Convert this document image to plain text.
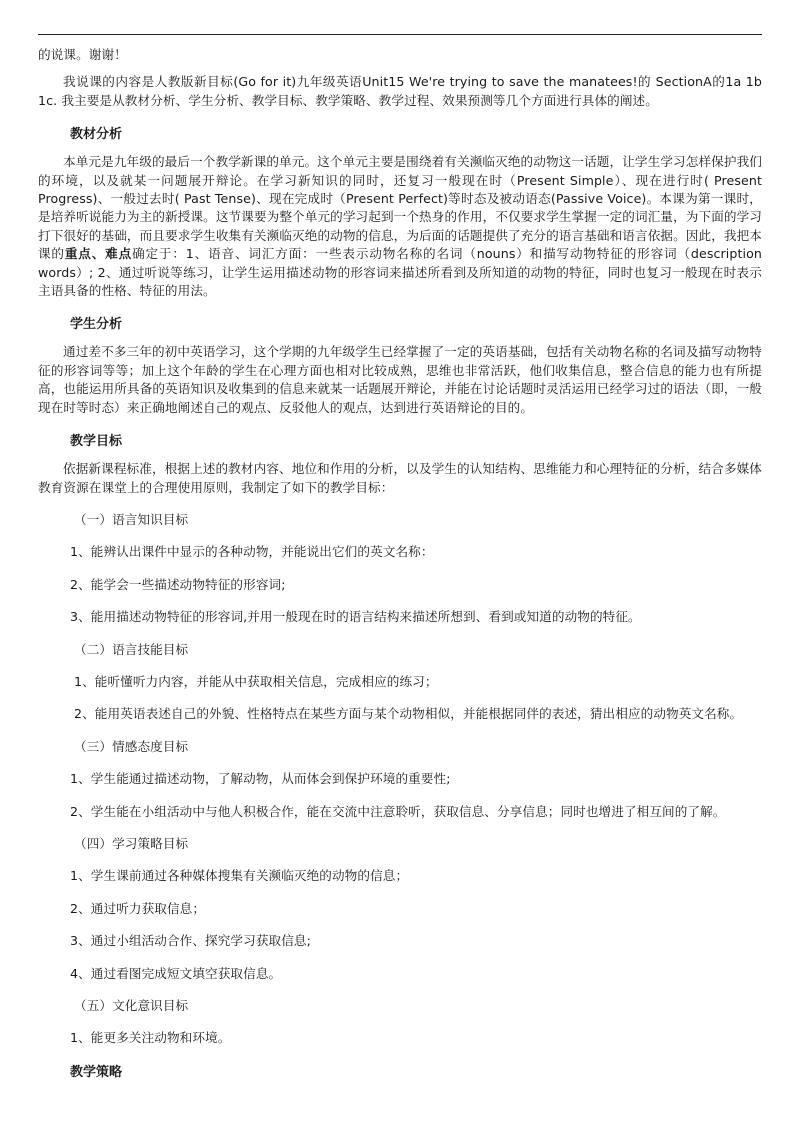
的说课。谢谢！

我说课的内容是人教版新目标(Go for it)九年级英语Unit15 We're trying to save the manatees!的 SectionA的1a 1b 1c. 我主要是从教材分析、学生分析、教学目标、教学策略、教学过程、效果预测等几个方面进行具体的阐述。

教材分析

本单元是九年级的最后一个教学新课的单元。这个单元主要是围绕着有关濒临灭绝的动物这一话题，让学生学习怎样保护我们的环境，以及就某一问题展开辩论。在学习新知识的同时，还复习一般现在时（Present Simple）、现在进行时( Present Progress)、一般过去时( Past Tense)、现在完成时（Present Perfect)等时态及被动语态(Passive Voice)。本课为第一课时，是培养听说能力为主的新授课。这节课要为整个单元的学习起到一个热身的作用，不仅要求学生掌握一定的词汇量，为下面的学习打下很好的基础，而且要求学生收集有关濒临灭绝的动物的信息，为后面的话题提供了充分的语言基础和语言依据。因此，我把本课的重点、难点确定于：1、语音、词汇方面：一些表示动物名称的名词（nouns）和描写动物特征的形容词（description words）; 2、通过听说等练习，让学生运用描述动物的形容词来描述所看到及所知道的动物的特征，同时也复习一般现在时表示主语具备的性格、特征的用法。

学生分析

通过差不多三年的初中英语学习，这个学期的九年级学生已经掌握了一定的英语基础，包括有关动物名称的名词及描写动物特征的形容词等等；加上这个年龄的学生在心理方面也相对比较成熟，思维也非常活跃，他们收集信息，整合信息的能力也有所提高，也能运用所具备的英语知识及收集到的信息来就某一话题展开辩论，并能在讨论话题时灵活运用已经学习过的语法（即，一般现在时等时态）来正确地阐述自己的观点、反驳他人的观点，达到进行英语辩论的目的。

教学目标

依据新课程标准，根据上述的教材内容、地位和作用的分析，以及学生的认知结构、思维能力和心理特征的分析，结合多媒体教育资源在课堂上的合理使用原则，我制定了如下的教学目标：

（一）语言知识目标

1、能辨认出课件中显示的各种动物，并能说出它们的英文名称：

2、能学会一些描述动物特征的形容词;

3、能用描述动物特征的形容词,并用一般现在时的语言结构来描述所想到、看到或知道的动物的特征。

（二）语言技能目标

1、能听懂听力内容，并能从中获取相关信息，完成相应的练习；

2、能用英语表述自己的外貌、性格特点在某些方面与某个动物相似，并能根据同伴的表述，猜出相应的动物英文名称。

（三）情感态度目标

1、学生能通过描述动物，了解动物，从而体会到保护环境的重要性;

2、学生能在小组活动中与他人积极合作，能在交流中注意聆听，获取信息、分享信息；同时也增进了相互间的了解。

（四）学习策略目标

1、学生课前通过各种媒体搜集有关濒临灭绝的动物的信息；

2、通过听力获取信息；

3、通过小组活动合作、探究学习获取信息;

4、通过看图完成短文填空获取信息。

（五）文化意识目标

1、能更多关注动物和环境。

教学策略
